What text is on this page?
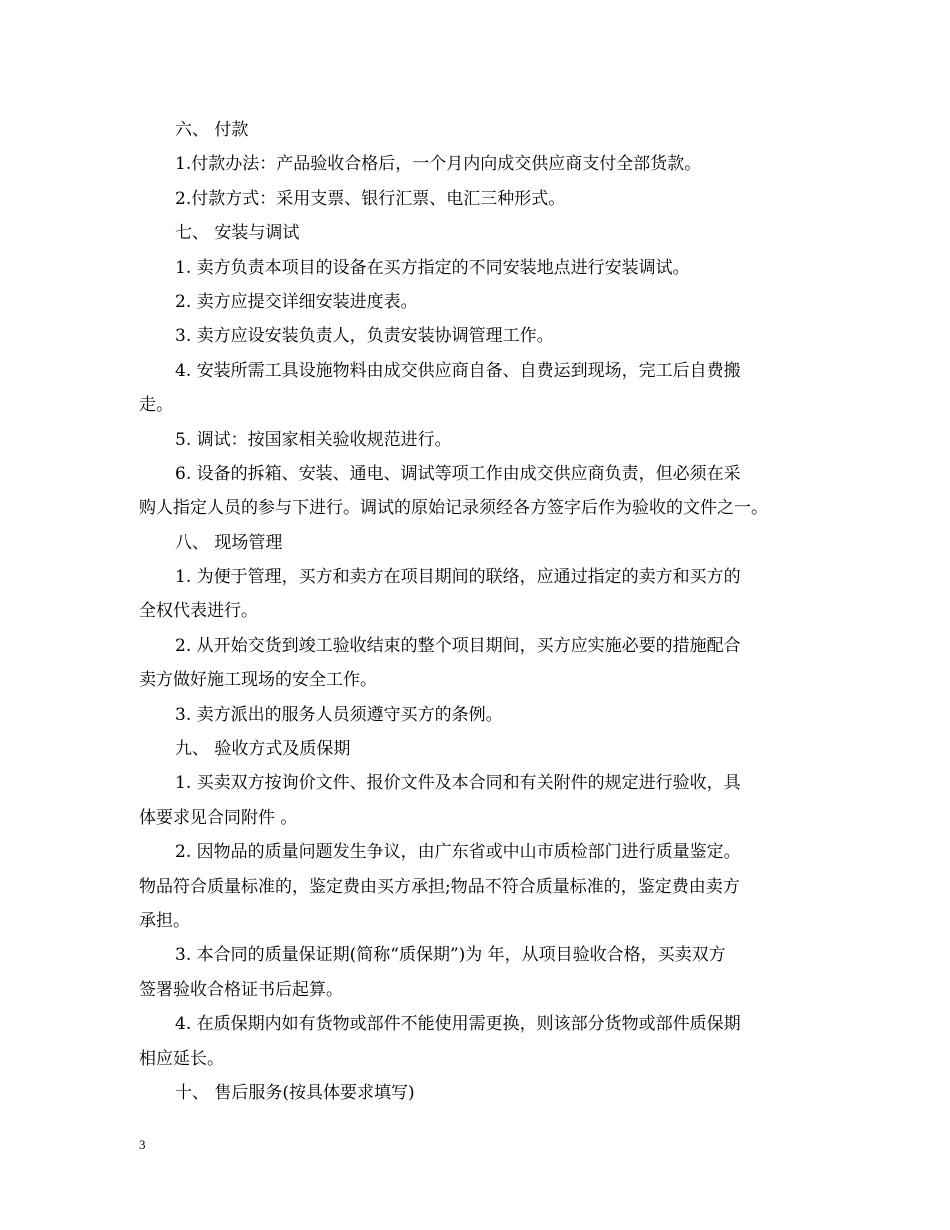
六、 付款
1.付款办法：产品验收合格后，一个月内向成交供应商支付全部货款。
2.付款方式：采用支票、银行汇票、电汇三种形式。
七、 安装与调试
1. 卖方负责本项目的设备在买方指定的不同安装地点进行安装调试。
2. 卖方应提交详细安装进度表。
3. 卖方应设安装负责人，负责安装协调管理工作。
4. 安装所需工具设施物料由成交供应商自备、自费运到现场，完工后自费搬
走。
5. 调试：按国家相关验收规范进行。
6. 设备的拆箱、安装、通电、调试等项工作由成交供应商负责，但必须在采
购人指定人员的参与下进行。调试的原始记录须经各方签字后作为验收的文件之一。
八、 现场管理
1. 为便于管理，买方和卖方在项目期间的联络，应通过指定的卖方和买方的
全权代表进行。
2. 从开始交货到竣工验收结束的整个项目期间，买方应实施必要的措施配合
卖方做好施工现场的安全工作。
3. 卖方派出的服务人员须遵守买方的条例。
九、 验收方式及质保期
1. 买卖双方按询价文件、报价文件及本合同和有关附件的规定进行验收，具
体要求见合同附件 。
2. 因物品的质量问题发生争议，由广东省或中山市质检部门进行质量鉴定。
物品符合质量标准的，鉴定费由买方承担;物品不符合质量标准的，鉴定费由卖方
承担。
3. 本合同的质量保证期(简称“质保期”)为 年，从项目验收合格，买卖双方
签署验收合格证书后起算。
4. 在质保期内如有货物或部件不能使用需更换，则该部分货物或部件质保期
相应延长。
十、 售后服务(按具体要求填写)
3
